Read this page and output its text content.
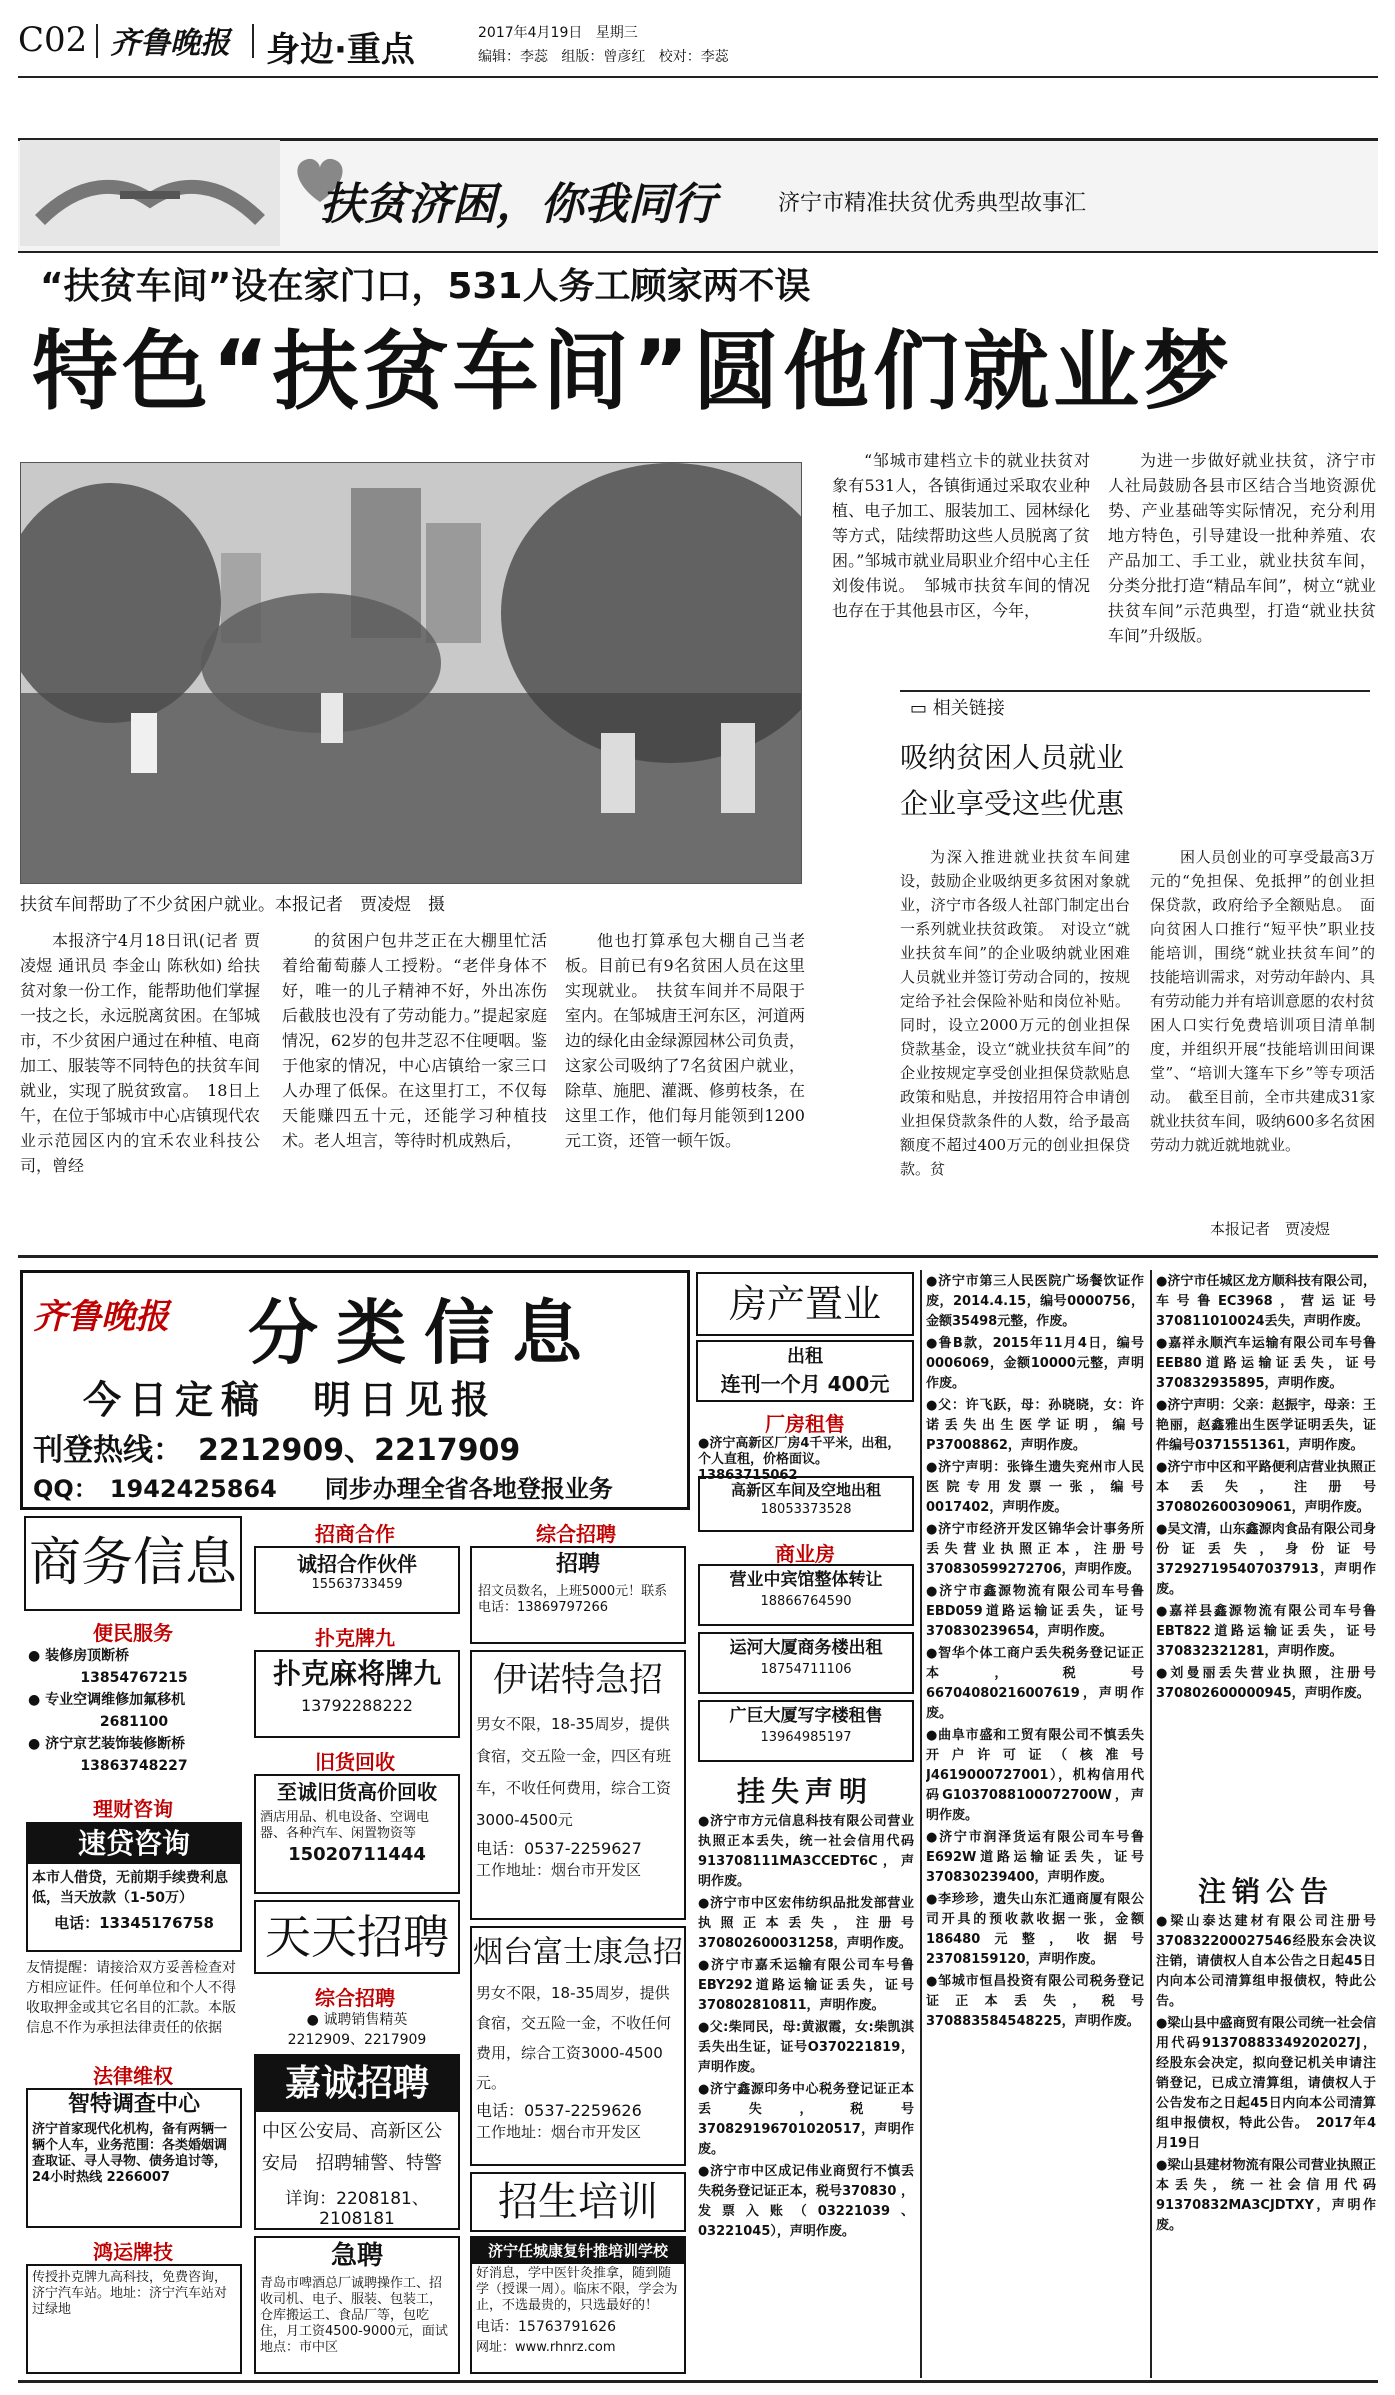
C02 齐鲁晚报 身边·重点	2017年4月19日   星期三
编辑：李蕊   组版：曾彦红   校对：李蕊
扶贫济困，你我同行	济宁市精准扶贫优秀典型故事汇
“扶贫车间”设在家门口，531人务工顾家两不误
特色“扶贫车间”圆他们就业梦
扶贫车间帮助了不少贫困户就业。本报记者　贾凌煜　摄

本报济宁4月18日讯(记者 贾凌煜 通讯员 李金山 陈秋如) 给扶贫对象一份工作，能帮助他们掌握一技之长，永远脱离贫困。在邹城市，不少贫困户通过在种植、电商加工、服装等不同特色的扶贫车间就业，实现了脱贫致富。　18日上午，在位于邹城市中心店镇现代农业示范园区内的宜禾农业科技公司，曾经

的贫困户包井芝正在大棚里忙活着给葡萄藤人工授粉。“老伴身体不好，唯一的儿子精神不好，外出冻伤后截肢也没有了劳动能力。”提起家庭情况，62岁的包井芝忍不住哽咽。鉴于他家的情况，中心店镇给一家三口人办理了低保。在这里打工，不仅每天能赚四五十元，还能学习种植技术。老人坦言，等待时机成熟后，

他也打算承包大棚自己当老板。目前已有9名贫困人员在这里实现就业。　扶贫车间并不局限于室内。在邹城唐王河东区，河道两边的绿化由金绿源园林公司负责，这家公司吸纳了7名贫困户就业，除草、施肥、灌溉、修剪枝条，在这里工作，他们每月能领到1200元工资，还管一顿午饭。

“邹城市建档立卡的就业扶贫对象有531人，各镇街通过采取农业种植、电子加工、服装加工、园林绿化等方式，陆续帮助这些人员脱离了贫困。”邹城市就业局职业介绍中心主任刘俊伟说。　邹城市扶贫车间的情况也存在于其他县市区，今年，

为进一步做好就业扶贫，济宁市人社局鼓励各县市区结合当地资源优势、产业基础等实际情况，充分利用地方特色，引导建设一批种养殖、农产品加工、手工业，就业扶贫车间，分类分批打造“精品车间”，树立“就业扶贫车间”示范典型，打造“就业扶贫车间”升级版。

▭ 相关链接
吸纳贫困人员就业
企业享受这些优惠

为深入推进就业扶贫车间建设，鼓励企业吸纳更多贫困对象就业，济宁市各级人社部门制定出台一系列就业扶贫政策。　对设立“就业扶贫车间”的企业吸纳就业困难人员就业并签订劳动合同的，按规定给予社会保险补贴和岗位补贴。同时，设立2000万元的创业担保贷款基金，设立“就业扶贫车间”的企业按规定享受创业担保贷款贴息政策和贴息，并按招用符合申请创业担保贷款条件的人数，给予最高额度不超过400万元的创业担保贷款。贫

困人员创业的可享受最高3万元的“免担保、免抵押”的创业担保贷款，政府给予全额贴息。　面向贫困人口推行“短平快”职业技能培训，围绕“就业扶贫车间”的技能培训需求，对劳动年龄内、具有劳动能力并有培训意愿的农村贫困人口实行免费培训项目清单制度，并组织开展“技能培训田间课堂”、“培训大篷车下乡”等专项活动。　截至目前，全市共建成31家就业扶贫车间，吸纳600多名贫困劳动力就近就地就业。

本报记者　贾凌煜
齐鲁晚报 分类信息
今日定稿　明日见报
刊登热线：　2212909、2217909
QQ：　1942425864　　同步办理全省各地登报业务
商务信息
便民服务
● 装修房顶断桥
13854767215
● 专业空调维修加氟移机
2681100
● 济宁京艺装饰装修断桥
13863748227
理财咨询
速贷咨询
本市人借贷，无前期手续费利息低，当天放款（1-50万）
电话：13345176758
友情提醒：请接洽双方妥善检查对方相应证件。任何单位和个人不得收取押金或其它名目的汇款。本版信息不作为承担法律责任的依据
法律维权
智特调查中心
济宁首家现代化机构，备有两辆一辆个人车，业务范围：各类婚姻调查取证、寻人寻物、债务追讨等，24小时热线 2266007
鸿运牌技
传授扑克牌九高科技，免费咨询，济宁汽车站。地址：济宁汽车站对过绿地
招商合作
诚招合作伙伴
15563733459
扑克牌九
扑克麻将牌九
13792288222
旧货回收
至诚旧货高价回收
酒店用品、机电设备、空调电器、各种汽车、闲置物资等
15020711444
天天招聘
综合招聘
● 诚聘销售精英
2212909、2217909
嘉诚招聘
中区公安局、高新区公安局　招聘辅警、特警
详询：2208181、2108181
急聘
青岛市啤酒总厂诚聘操作工、招收司机、电子、服装、包装工，仓库搬运工、食品厂等，包吃住，月工资4500-9000元，面试地点：市中区
综合招聘
招聘
招文员数名，上班5000元！联系电话：13869797266
伊诺特急招
男女不限，18-35周岁，提供食宿，交五险一金，四区有班车，不收任何费用，综合工资3000-4500元
电话：0537-2259627
工作地址：烟台市开发区
烟台富士康急招
男女不限，18-35周岁，提供食宿，交五险一金，不收任何费用，综合工资3000-4500元。
电话：0537-2259626
工作地址：烟台市开发区
招生培训
济宁任城康复针推培训学校
好消息，学中医针灸推拿，随到随学（授课一周）。临床不限，学会为止，不选最贵的，只选最好的！
电话：15763791626
网址：www.rhnrz.com
房产置业
出租
连刊一个月 400元
厂房租售
●济宁高新区厂房4千平米，出租，个人直租，价格面议。13863715062
高新区车间及空地出租
18053373528
商业房
营业中宾馆整体转让
18866764590
运河大厦商务楼出租
18754711106
广巨大厦写字楼租售
13964985197
挂失声明
●济宁市方元信息科技有限公司营业执照正本丢失，统一社会信用代码913708111MA3CCEDT6C，声明作废。
●济宁市中区宏伟纺织品批发部营业执照正本丢失，注册号370802600031258，声明作废。
●济宁市嘉禾运输有限公司车号鲁EBY292道路运输证丢失，证号370802810811，声明作废。
●父:柴同民，母:黄淑霞，女:柴凯淇丢失出生证，证号O370221819，声明作废。
●济宁鑫源印务中心税务登记证正本丢失，税号370829196701020517，声明作废。
●济宁市中区成记伟业商贸行不慎丢失税务登记证正本，税号370830 ，发票入账（03221039、03221045），声明作废。
●济宁市第三人民医院广场餐饮证作废，2014.4.15，编号0000756，金额35498元整，作废。
●鲁B款，2015年11月4日，编号0006069，金额10000元整，声明作废。
●父：许飞跃，母：孙晓晓，女：许诺丢失出生医学证明，编号P37008862，声明作废。
●济宁声明：张锋生遗失兖州市人民医院专用发票一张，编号0017402，声明作废。
●济宁市经济开发区锦华会计事务所丢失营业执照正本，注册号370830599272706，声明作废。
●济宁市鑫源物流有限公司车号鲁EBD059道路运输证丢失，证号370830239654，声明作废。
●智华个体工商户丢失税务登记证正本，税号66704080216007619，声明作废。
●曲阜市盛和工贸有限公司不慎丢失开户许可证（核准号J4619000727001），机构信用代码G1037088100072700W，声明作废。
●济宁市润泽货运有限公司车号鲁E692W道路运输证丢失，证号370830239400，声明作废。
●李珍珍，遗失山东汇通商厦有限公司开具的预收款收据一张，金额186480元整，收据号23708159120，声明作废。
●邹城市恒昌投资有限公司税务登记证正本丢失，税号370883584548225，声明作废。
●济宁市任城区龙方顺科技有限公司，车号鲁EC3968，营运证号370811010024丢失，声明作废。
●嘉祥永顺汽车运输有限公司车号鲁EEB80道路运输证丢失，证号370832935895，声明作废。
●济宁声明：父亲：赵振宇，母亲：王艳丽，赵鑫雅出生医学证明丢失，证件编号0371551361，声明作废。
●济宁市中区和平路便利店营业执照正本丢失，注册号370802600309061，声明作废。
●吴文清，山东鑫源肉食品有限公司身份证丢失，身份证号372927195407037913，声明作废。
●嘉祥县鑫源物流有限公司车号鲁EBT822道路运输证丢失，证号370832321281，声明作废。
●刘曼丽丢失营业执照，注册号370802600000945，声明作废。
注销公告
●梁山泰达建材有限公司注册号370832200027546经股东会决议注销，请债权人自本公告之日起45日内向本公司清算组申报债权，特此公告。
●梁山县中盛商贸有限公司统一社会信用代码91370883349202027J，经股东会决定，拟向登记机关申请注销登记，已成立清算组，请债权人于公告发布之日起45日内向本公司清算组申报债权，特此公告。　2017年4月19日
●梁山县建材物流有限公司营业执照正本丢失，统一社会信用代码91370832MA3CJDTXY，声明作废。
